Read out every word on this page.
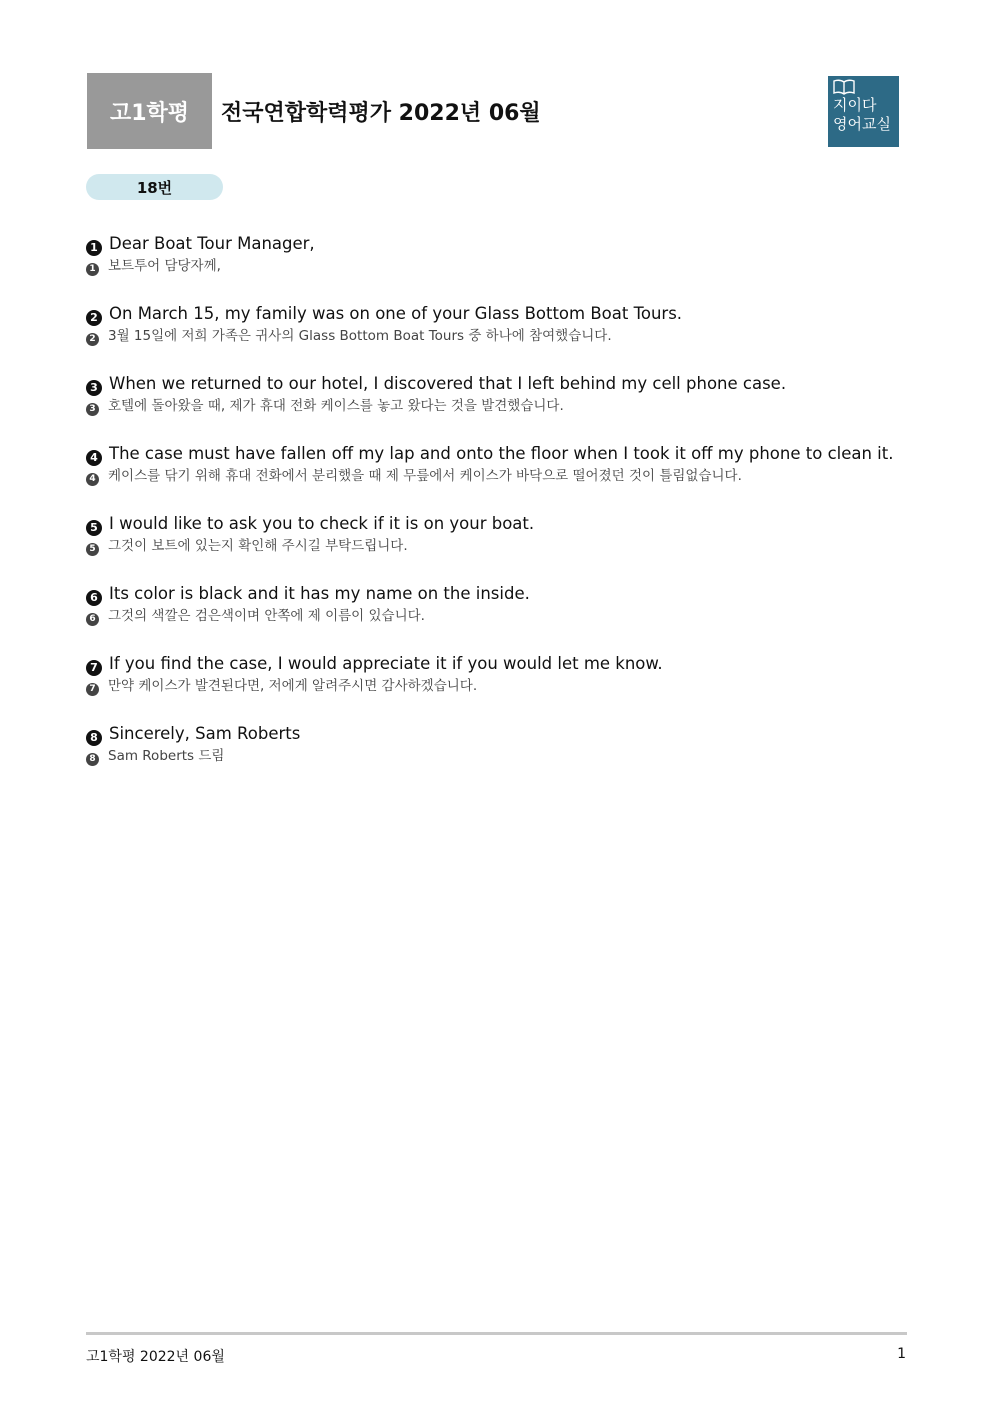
고1학평	전국연합학력평가 2022년 06월	지이다
영어교실
18번
1 Dear Boat Tour Manager,
1 보트투어 담당자께,
2 On March 15, my family was on one of your Glass Bottom Boat Tours.
2 3월 15일에 저희 가족은 귀사의 Glass Bottom Boat Tours 중 하나에 참여했습니다.
3 When we returned to our hotel, I discovered that I left behind my cell phone case.
3 호텔에 돌아왔을 때, 제가 휴대 전화 케이스를 놓고 왔다는 것을 발견했습니다.
4 The case must have fallen off my lap and onto the floor when I took it off my phone to clean it.
4 케이스를 닦기 위해 휴대 전화에서 분리했을 때 제 무릎에서 케이스가 바닥으로 떨어졌던 것이 틀림없습니다.
5 I would like to ask you to check if it is on your boat.
5 그것이 보트에 있는지 확인해 주시길 부탁드립니다.
6 Its color is black and it has my name on the inside.
6 그것의 색깔은 검은색이며 안쪽에 제 이름이 있습니다.
7 If you find the case, I would appreciate it if you would let me know.
7 만약 케이스가 발견된다면, 저에게 알려주시면 감사하겠습니다.
8 Sincerely, Sam Roberts
8 Sam Roberts 드림
고1학평 2022년 06월	1
